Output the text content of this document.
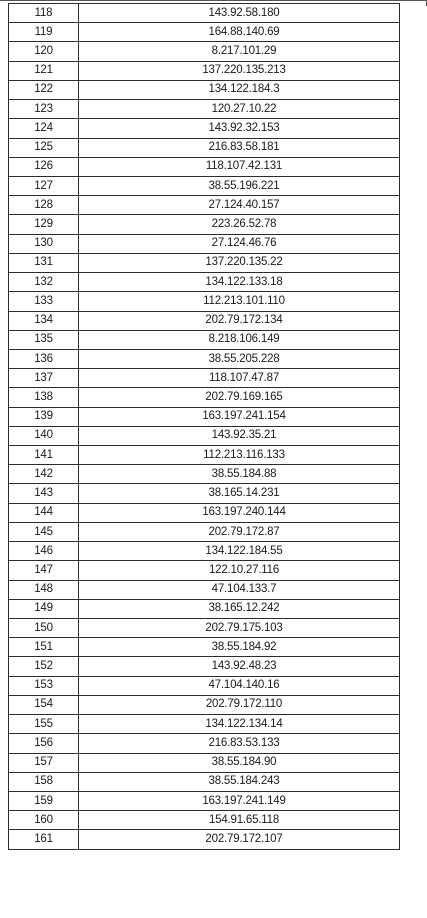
118	143.92.58.180
119	164.88.140.69
120	8.217.101.29
121	137.220.135.213
122	134.122.184.3
123	120.27.10.22
124	143.92.32.153
125	216.83.58.181
126	118.107.42.131
127	38.55.196.221
128	27.124.40.157
129	223.26.52.78
130	27.124.46.76
131	137.220.135.22
132	134.122.133.18
133	112.213.101.110
134	202.79.172.134
135	8.218.106.149
136	38.55.205.228
137	118.107.47.87
138	202.79.169.165
139	163.197.241.154
140	143.92.35.21
141	112.213.116.133
142	38.55.184.88
143	38.165.14.231
144	163.197.240.144
145	202.79.172.87
146	134.122.184.55
147	122.10.27.116
148	47.104.133.7
149	38.165.12.242
150	202.79.175.103
151	38.55.184.92
152	143.92.48.23
153	47.104.140.16
154	202.79.172.110
155	134.122.134.14
156	216.83.53.133
157	38.55.184.90
158	38.55.184.243
159	163.197.241.149
160	154.91.65.118
161	202.79.172.107
